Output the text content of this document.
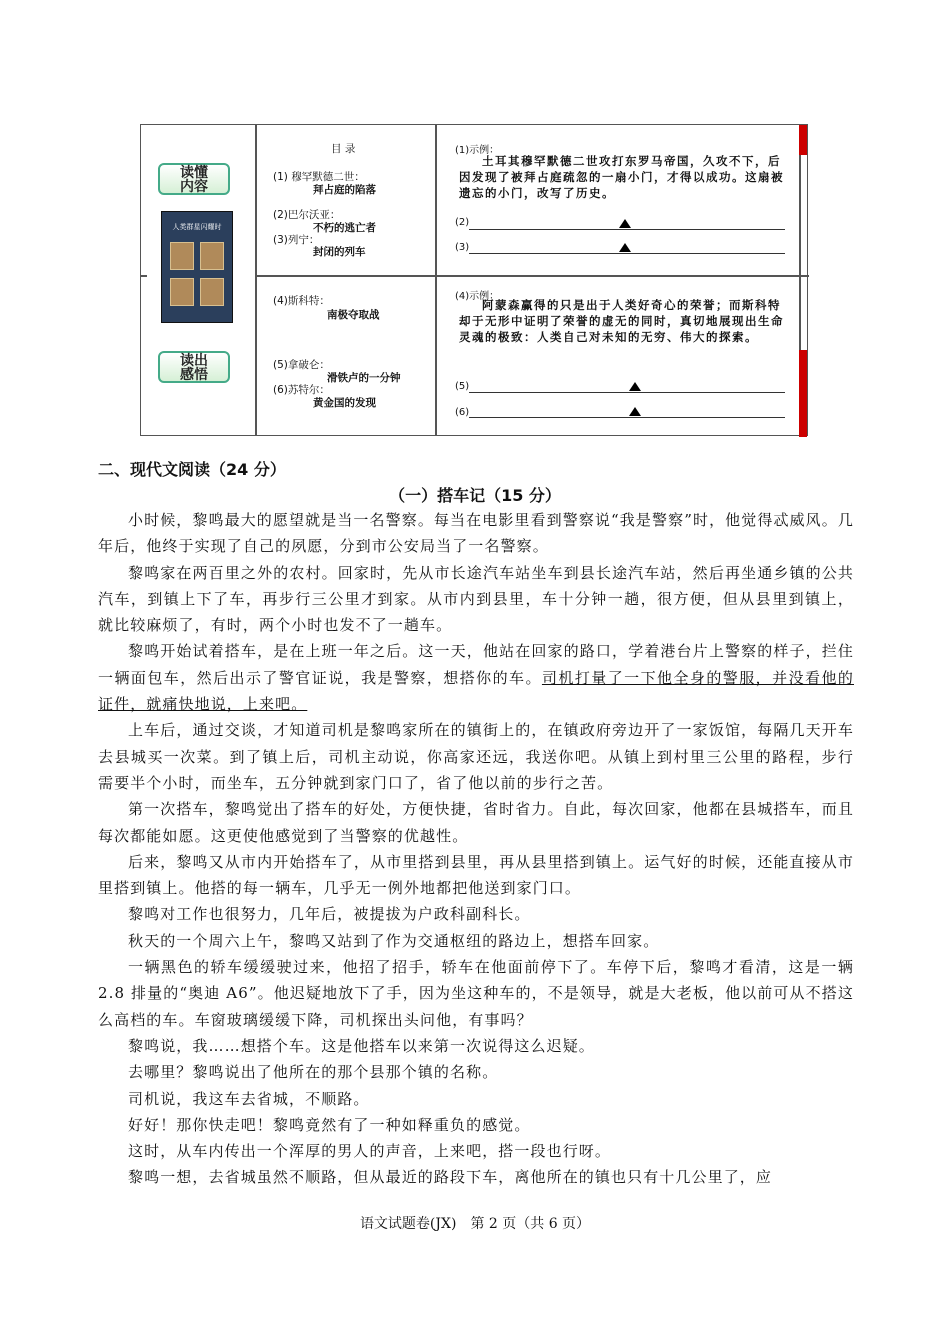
读懂
内容
人类群星闪耀时
读出
感悟
目 录
(1) 穆罕默德二世：
拜占庭的陷落
(2)巴尔沃亚：
不朽的逃亡者
(3)列宁：
封闭的列车
(4)斯科特：
南极夺取战
(5)拿破仑：
滑铁卢的一分钟
(6)苏特尔：
黄金国的发现
(1)示例：
土耳其穆罕默德二世攻打东罗马帝国，久攻不下，后因发现了被拜占庭疏忽的一扇小门，才得以成功。这扇被遗忘的小门，改写了历史。
(2)
(3)
(4)示例：
阿蒙森赢得的只是出于人类好奇心的荣誉；而斯科特却于无形中证明了荣誉的虚无的同时，真切地展现出生命灵魂的极致：人类自己对未知的无穷、伟大的探索。
(5)
(6)
二、现代文阅读（24 分）
（一）搭车记（15 分）

小时候，黎鸣最大的愿望就是当一名警察。每当在电影里看到警察说“我是警察”时，他觉得忒威风。几年后，他终于实现了自己的夙愿，分到市公安局当了一名警察。

黎鸣家在两百里之外的农村。回家时，先从市长途汽车站坐车到县长途汽车站，然后再坐通乡镇的公共汽车，到镇上下了车，再步行三公里才到家。从市内到县里，车十分钟一趟，很方便，但从县里到镇上，就比较麻烦了，有时，两个小时也发不了一趟车。

黎鸣开始试着搭车，是在上班一年之后。这一天，他站在回家的路口，学着港台片上警察的样子，拦住一辆面包车，然后出示了警官证说，我是警察，想搭你的车。司机打量了一下他全身的警服，并没看他的证件，就痛快地说，上来吧。

上车后，通过交谈，才知道司机是黎鸣家所在的镇街上的，在镇政府旁边开了一家饭馆，每隔几天开车去县城买一次菜。到了镇上后，司机主动说，你高家还远，我送你吧。从镇上到村里三公里的路程，步行需要半个小时，而坐车，五分钟就到家门口了，省了他以前的步行之苦。

第一次搭车，黎鸣觉出了搭车的好处，方便快捷，省时省力。自此，每次回家，他都在县城搭车，而且每次都能如愿。这更使他感觉到了当警察的优越性。

后来，黎鸣又从市内开始搭车了，从市里搭到县里，再从县里搭到镇上。运气好的时候，还能直接从市里搭到镇上。他搭的每一辆车，几乎无一例外地都把他送到家门口。

黎鸣对工作也很努力，几年后，被提拔为户政科副科长。

秋天的一个周六上午，黎鸣又站到了作为交通枢纽的路边上，想搭车回家。

一辆黑色的轿车缓缓驶过来，他招了招手，轿车在他面前停下了。车停下后，黎鸣才看清，这是一辆 2.8 排量的“奥迪 A6”。他迟疑地放下了手，因为坐这种车的，不是领导，就是大老板，他以前可从不搭这么高档的车。车窗玻璃缓缓下降，司机探出头问他，有事吗？

黎鸣说，我……想搭个车。这是他搭车以来第一次说得这么迟疑。

去哪里？黎鸣说出了他所在的那个县那个镇的名称。

司机说，我这车去省城，不顺路。

好好！那你快走吧！黎鸣竟然有了一种如释重负的感觉。

这时，从车内传出一个浑厚的男人的声音，上来吧，搭一段也行呀。

黎鸣一想，去省城虽然不顺路，但从最近的路段下车，离他所在的镇也只有十几公里了，应

语文试题卷(JX)　第 2 页（共 6 页）
